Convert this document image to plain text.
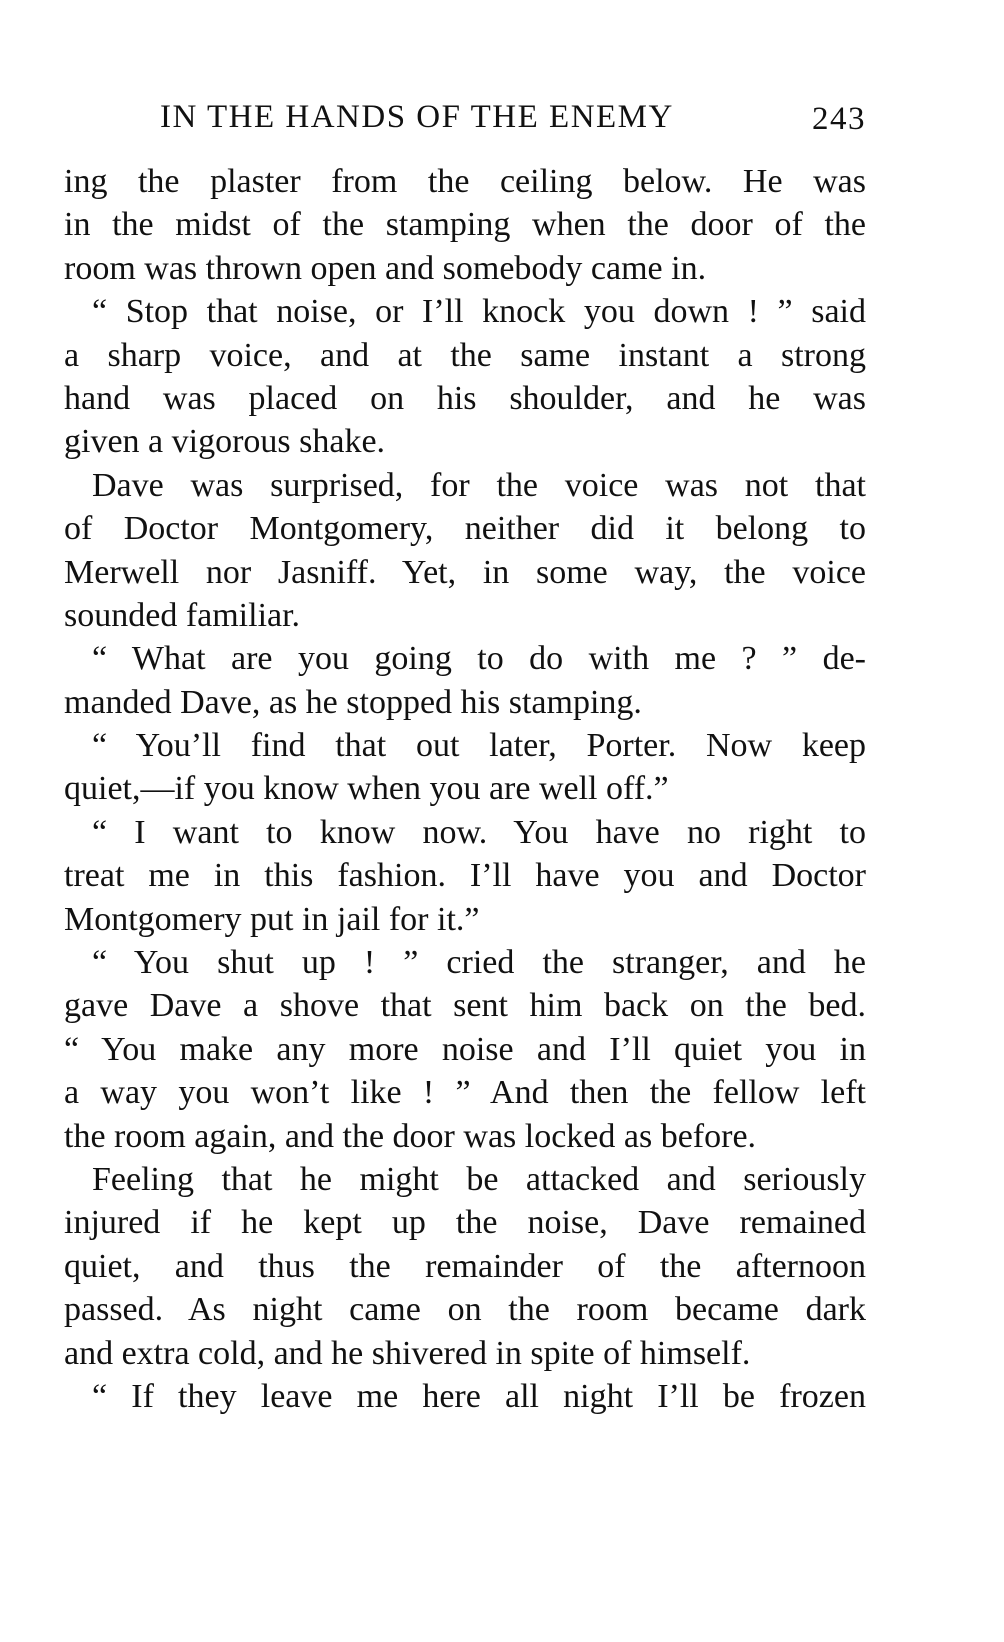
IN THE HANDS OF THE ENEMY	243
ing the plaster from the ceiling below. He was
in the midst of the stamping when the door of the
room was thrown open and somebody came in.
“ Stop that noise, or I’ll knock you down ! ” said
a sharp voice, and at the same instant a strong
hand was placed on his shoulder, and he was
given a vigorous shake.
Dave was surprised, for the voice was not that
of Doctor Montgomery, neither did it belong to
Merwell nor Jasniff. Yet, in some way, the voice
sounded familiar.
“ What are you going to do with me ? ” de-
manded Dave, as he stopped his stamping.
“ You’ll find that out later, Porter. Now keep
quiet,—if you know when you are well off.”
“ I want to know now. You have no right to
treat me in this fashion. I’ll have you and Doctor
Montgomery put in jail for it.”
“ You shut up ! ” cried the stranger, and he
gave Dave a shove that sent him back on the bed.
“ You make any more noise and I’ll quiet you in
a way you won’t like ! ” And then the fellow left
the room again, and the door was locked as before.
Feeling that he might be attacked and seriously
injured if he kept up the noise, Dave remained
quiet, and thus the remainder of the afternoon
passed. As night came on the room became dark
and extra cold, and he shivered in spite of himself.
“ If they leave me here all night I’ll be frozen
